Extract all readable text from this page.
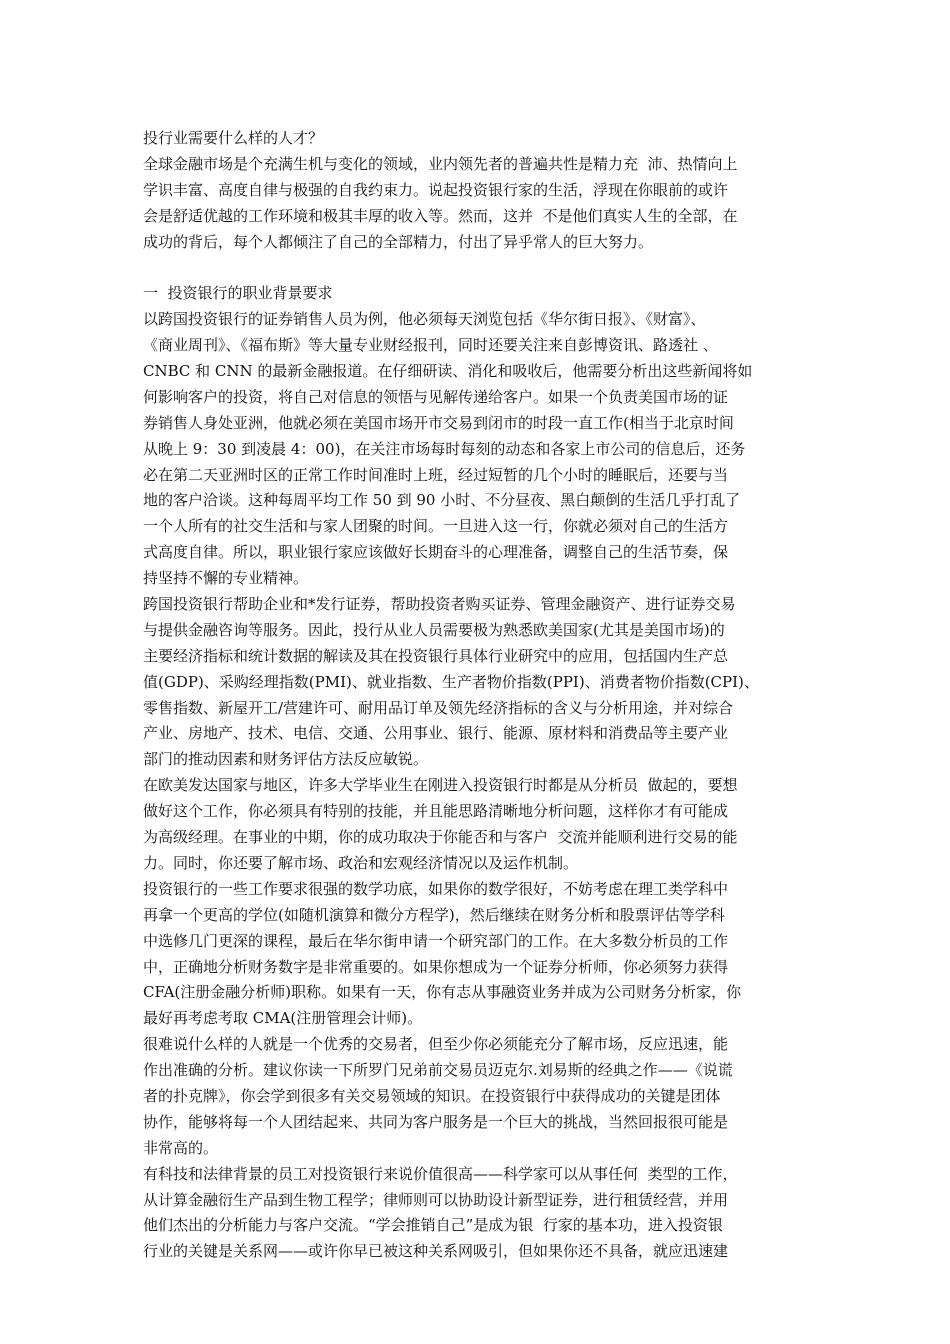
投行业需要什么样的人才？
全球金融市场是个充满生机与变化的领域，业内领先者的普遍共性是精力充  沛、热情向上
学识丰富、高度自律与极强的自我约束力。说起投资银行家的生活，浮现在你眼前的或许
会是舒适优越的工作环境和极其丰厚的收入等。然而，这并  不是他们真实人生的全部，在
成功的背后，每个人都倾注了自己的全部精力，付出了异乎常人的巨大努力。
一  投资银行的职业背景要求
以跨国投资银行的证券销售人员为例，他必须每天浏览包括《华尔街日报》、《财富》、
《商业周刊》、《福布斯》等大量专业财经报刊，同时还要关注来自彭博资讯、路透社 、
CNBC 和 CNN 的最新金融报道。在仔细研读、消化和吸收后，他需要分析出这些新闻将如
何影响客户的投资，将自己对信息的领悟与见解传递给客户。如果一个负责美国市场的证
券销售人身处亚洲，他就必须在美国市场开市交易到闭市的时段一直工作(相当于北京时间
从晚上 9：30 到凌晨 4：00)，在关注市场每时每刻的动态和各家上市公司的信息后，还务
必在第二天亚洲时区的正常工作时间准时上班，经过短暂的几个小时的睡眠后，还要与当
地的客户洽谈。这种每周平均工作 50 到 90 小时、不分昼夜、黑白颠倒的生活几乎打乱了
一个人所有的社交生活和与家人团聚的时间。一旦进入这一行，你就必须对自己的生活方
式高度自律。所以，职业银行家应该做好长期奋斗的心理准备，调整自己的生活节奏，保
持坚持不懈的专业精神。
跨国投资银行帮助企业和*发行证券，帮助投资者购买证券、管理金融资产、进行证券交易
与提供金融咨询等服务。因此，投行从业人员需要极为熟悉欧美国家(尤其是美国市场)的
主要经济指标和统计数据的解读及其在投资银行具体行业研究中的应用，包括国内生产总
值(GDP)、采购经理指数(PMI)、就业指数、生产者物价指数(PPI)、消费者物价指数(CPI)、
零售指数、新屋开工/营建许可、耐用品订单及领先经济指标的含义与分析用途，并对综合
产业、房地产、技术、电信、交通、公用事业、银行、能源、原材料和消费品等主要产业
部门的推动因素和财务评估方法反应敏锐。
在欧美发达国家与地区，许多大学毕业生在刚进入投资银行时都是从分析员  做起的，要想
做好这个工作，你必须具有特别的技能，并且能思路清晰地分析问题，这样你才有可能成
为高级经理。在事业的中期，你的成功取决于你能否和与客户  交流并能顺利进行交易的能
力。同时，你还要了解市场、政治和宏观经济情况以及运作机制。
投资银行的一些工作要求很强的数学功底，如果你的数学很好，不妨考虑在理工类学科中
再拿一个更高的学位(如随机演算和微分方程学)，然后继续在财务分析和股票评估等学科
中选修几门更深的课程，最后在华尔街申请一个研究部门的工作。在大多数分析员的工作
中，正确地分析财务数字是非常重要的。如果你想成为一个证券分析师，你必须努力获得
CFA(注册金融分析师)职称。如果有一天，你有志从事融资业务并成为公司财务分析家，你
最好再考虑考取 CMA(注册管理会计师)。
很难说什么样的人就是一个优秀的交易者，但至少你必须能充分了解市场，反应迅速，能
作出准确的分析。建议你读一下所罗门兄弟前交易员迈克尔.刘易斯的经典之作——《说谎
者的扑克牌》，你会学到很多有关交易领域的知识。在投资银行中获得成功的关键是团体
协作，能够将每一个人团结起来、共同为客户服务是一个巨大的挑战，当然回报很可能是
非常高的。
有科技和法律背景的员工对投资银行来说价值很高——科学家可以从事任何  类型的工作，
从计算金融衍生产品到生物工程学；律师则可以协助设计新型证券，进行租赁经营，并用
他们杰出的分析能力与客户交流。“学会推销自己”是成为银  行家的基本功，进入投资银
行业的关键是关系网——或许你早已被这种关系网吸引，但如果你还不具备，就应迅速建
